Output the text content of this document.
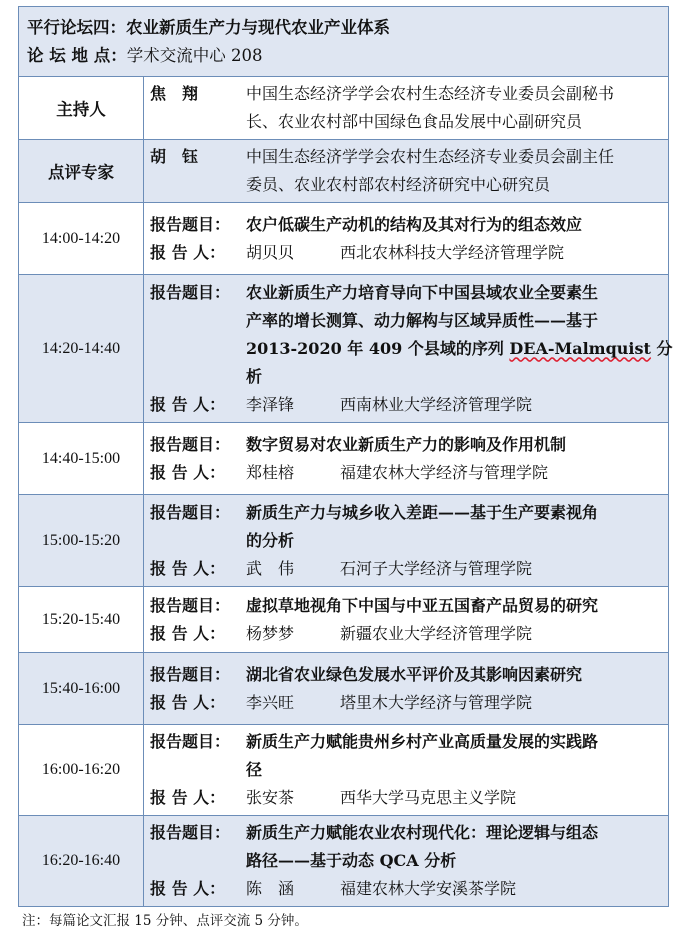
平行论坛四：农业新质生产力与现代农业产业体系
论 坛 地 点：学术交流中心 208	

主持人	焦　翔 中国生态经济学学会农村生态经济专业委员会副秘书
长、农业农村部中国绿色食品发展中心副研究员

点评专家	胡　钰 中国生态经济学学会农村生态经济专业委员会副主任
委员、农业农村部农村经济研究中心研究员

14:00-14:20	报告题目： 农户低碳生产动机的结构及其对行为的组态效应
报 告 人： 胡贝贝　 西北农林科技大学经济管理学院

14:20-14:40	报告题目： 农业新质生产力培育导向下中国县域农业全要素生
产率的增长测算、动力解构与区域异质性——基于
2013-2020 年 409 个县域的序列 DEA-Malmquist 分
析
报 告 人： 李泽锋　 西南林业大学经济管理学院

14:40-15:00	报告题目： 数字贸易对农业新质生产力的影响及作用机制
报 告 人： 郑桂榕　 福建农林大学经济与管理学院

15:00-15:20	报告题目： 新质生产力与城乡收入差距——基于生产要素视角
的分析
报 告 人： 武　伟　 石河子大学经济与管理学院

15:20-15:40	报告题目： 虚拟草地视角下中国与中亚五国畜产品贸易的研究
报 告 人： 杨梦梦　 新疆农业大学经济管理学院

15:40-16:00	报告题目： 湖北省农业绿色发展水平评价及其影响因素研究
报 告 人： 李兴旺　 塔里木大学经济与管理学院

16:00-16:20	报告题目： 新质生产力赋能贵州乡村产业高质量发展的实践路
径
报 告 人： 张安茶　 西华大学马克思主义学院

16:20-16:40	报告题目： 新质生产力赋能农业农村现代化：理论逻辑与组态
路径——基于动态 QCA 分析
报 告 人： 陈　涵　 福建农林大学安溪茶学院
注：每篇论文汇报 15 分钟、点评交流 5 分钟。
